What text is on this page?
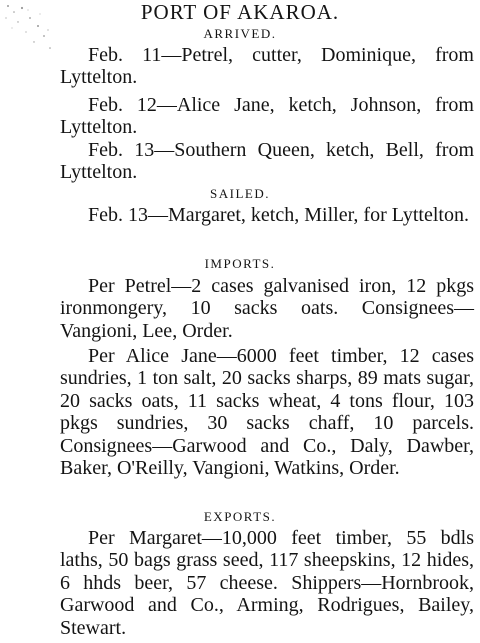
PORT OF AKAROA.
ARRIVED.

Feb. 11—Petrel, cutter, Dominique, from Lyttelton.

Feb. 12—Alice Jane, ketch, Johnson, from Lyttelton.

Feb. 13—Southern Queen, ketch, Bell, from Lyttelton.

SAILED.

Feb. 13—Margaret, ketch, Miller, for Lyttelton.

IMPORTS.

Per Petrel—2 cases galvanised iron, 12 pkgs ironmongery, 10 sacks oats. Consignees—Vangioni, Lee, Order.

Per Alice Jane—6000 feet timber, 12 cases sundries, 1 ton salt, 20 sacks sharps, 89 mats sugar, 20 sacks oats, 11 sacks wheat, 4 tons flour, 103 pkgs sundries, 30 sacks chaff, 10 parcels. Consignees—Garwood and Co., Daly, Dawber, Baker, O'Reilly, Vangioni, Watkins, Order.

EXPORTS.

Per Margaret—10,000 feet timber, 55 bdls laths, 50 bags grass seed, 117 sheepskins, 12 hides, 6 hhds beer, 57 cheese. Shippers—Hornbrook, Garwood and Co., Arming, Rodrigues, Bailey, Stewart.
